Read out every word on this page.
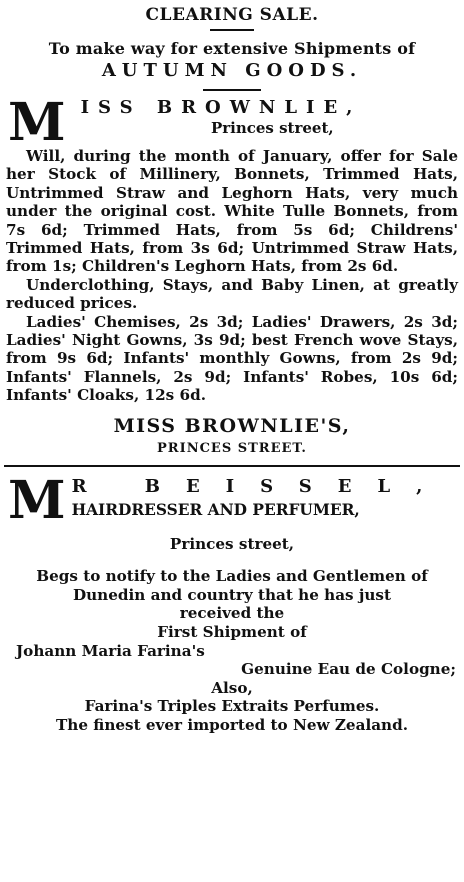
CLEARING SALE.
To make way for extensive Shipments of
AUTUMN GOODS.
M ISS BROWNLIE,
Princes street,
Will, during the month of January, offer for Sale her Stock of Millinery, Bonnets, Trimmed Hats, Untrimmed Straw and Leghorn Hats, very much under the original cost. White Tulle Bonnets, from 7s 6d; Trimmed Hats, from 5s 6d; Childrens' Trimmed Hats, from 3s 6d; Untrimmed Straw Hats, from 1s; Children's Leghorn Hats, from 2s 6d.
Underclothing, Stays, and Baby Linen, at greatly reduced prices.
Ladies' Chemises, 2s 3d; Ladies' Drawers, 2s 3d; Ladies' Night Gowns, 3s 9d; best French wove Stays, from 9s 6d; Infants' monthly Gowns, from 2s 9d; Infants' Flannels, 2s 9d; Infants' Robes, 10s 6d; Infants' Cloaks, 12s 6d.
MISS BROWNLIE'S,
PRINCES STREET.
M R BEISSEL,
HAIRDRESSER AND PERFUMER,
Princes street,
Begs to notify to the Ladies and Gentlemen of
Dunedin and country that he has just
received the
First Shipment of
Johann Maria Farina's
Genuine Eau de Cologne;
Also,
Farina's Triples Extraits Perfumes.
The finest ever imported to New Zealand.
